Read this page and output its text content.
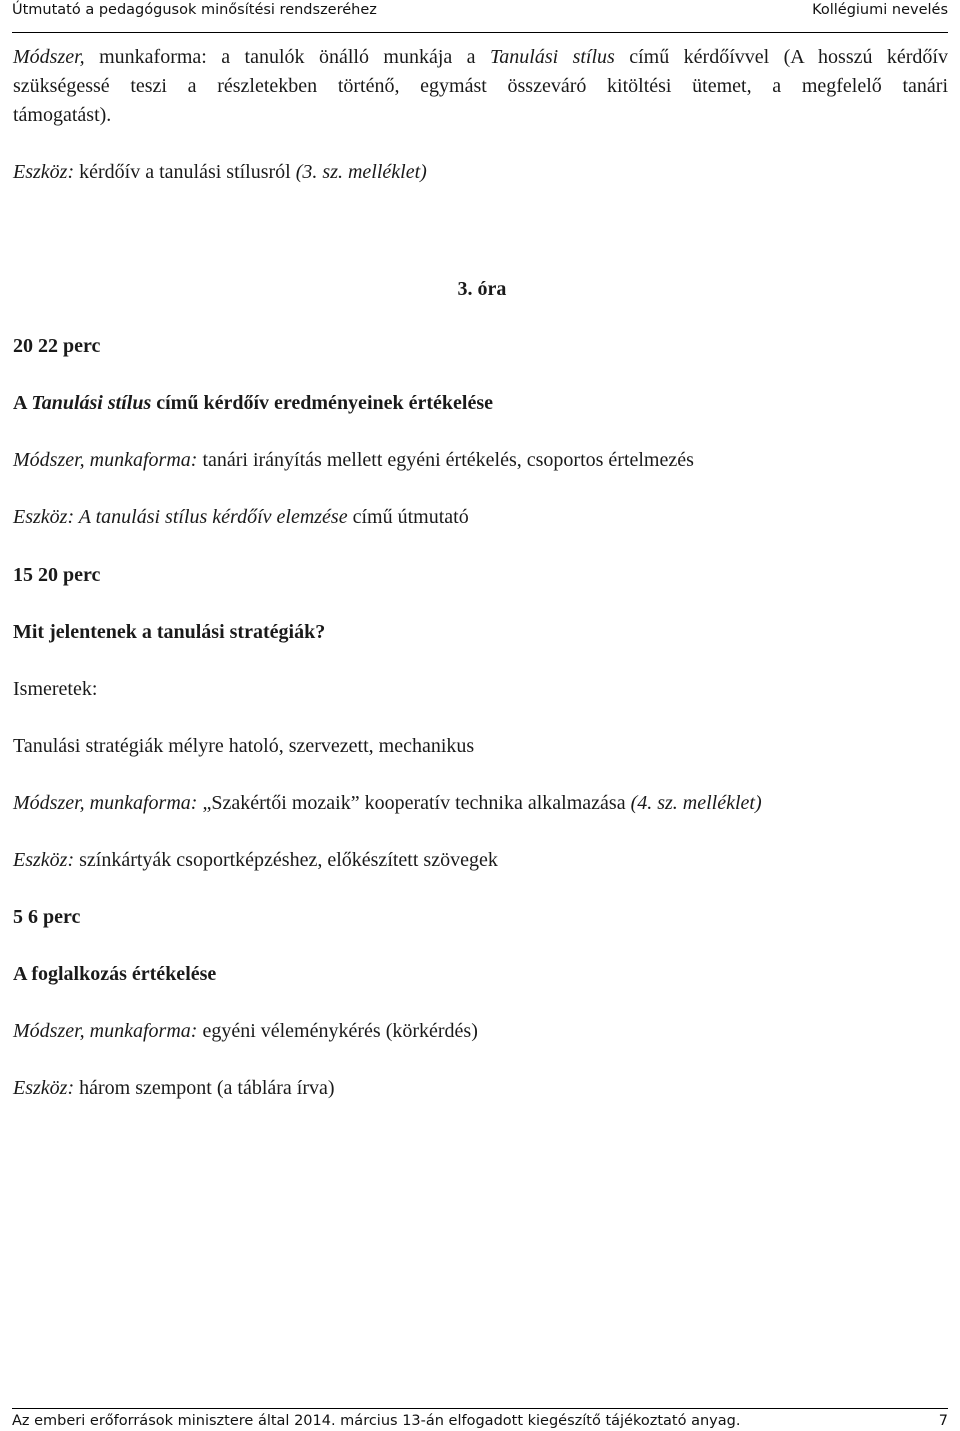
Útmutató a pedagógusok minősítési rendszeréhez	Kollégiumi nevelés
Módszer, munkaforma: a tanulók önálló munkája a Tanulási stílus című kérdőívvel (A hosszú kérdőív
szükségessé teszi a részletekben történő, egymást összeváró kitöltési ütemet, a megfelelő tanári
támogatást).
Eszköz: kérdőív a tanulási stílusról (3. sz. melléklet)
3. óra
20 22 perc
A Tanulási stílus című kérdőív eredményeinek értékelése
Módszer, munkaforma: tanári irányítás mellett egyéni értékelés, csoportos értelmezés
Eszköz: A tanulási stílus kérdőív elemzése című útmutató
15 20 perc
Mit jelentenek a tanulási stratégiák?
Ismeretek:
Tanulási stratégiák mélyre hatoló, szervezett, mechanikus
Módszer, munkaforma: „Szakértői mozaik” kooperatív technika alkalmazása (4. sz. melléklet)
Eszköz: színkártyák csoportképzéshez, előkészített szövegek
5 6 perc
A foglalkozás értékelése
Módszer, munkaforma: egyéni véleménykérés (körkérdés)
Eszköz: három szempont (a táblára írva)
Az emberi erőforrások minisztere által 2014. március 13-án elfogadott kiegészítő tájékoztató anyag.	7
